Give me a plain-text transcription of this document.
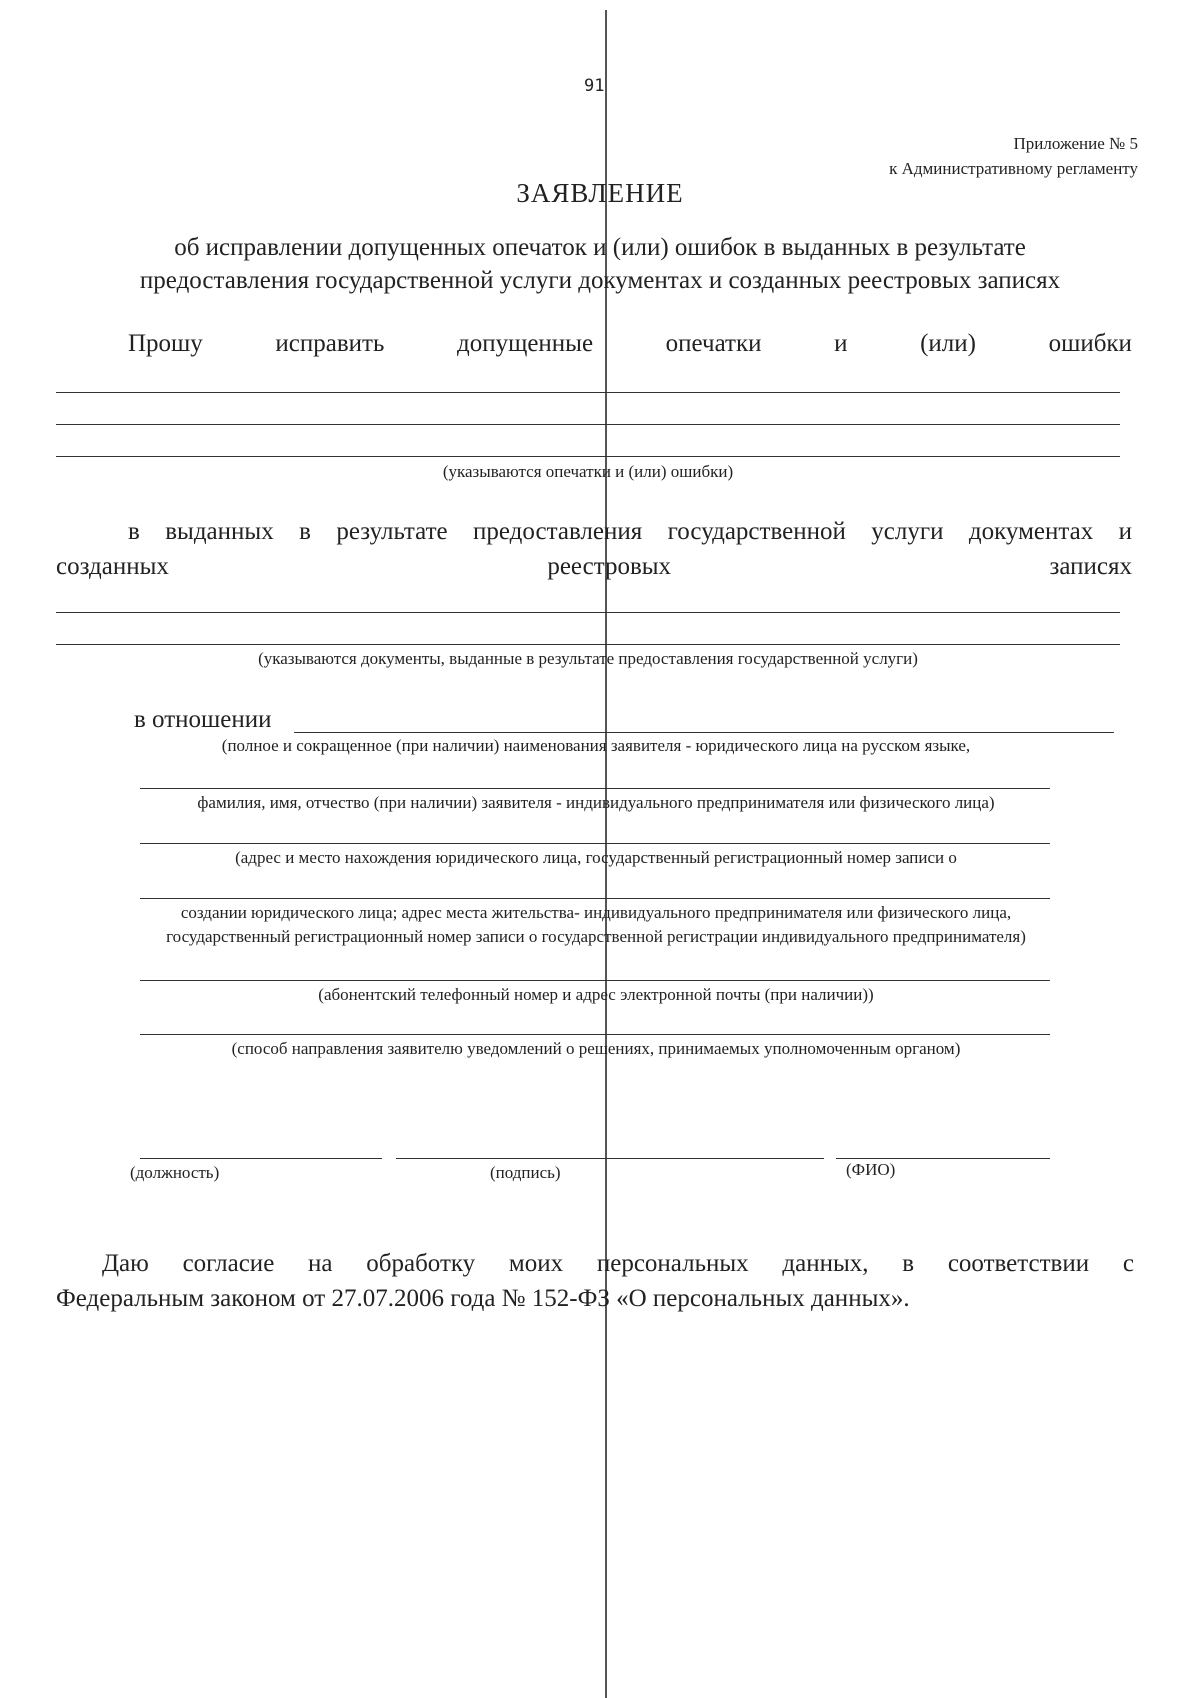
91
Приложение № 5
к Административному регламенту
ЗАЯВЛЕНИЕ
об исправлении допущенных опечаток и (или) ошибок в выданных в результате
предоставления государственной услуги документах и созданных реестровых записях
Прошу	исправить	допущенные	опечатки	и	(или)	ошибки
(указываются опечатки и (или) ошибки)
в выданных в результате предоставления государственной услуги документах и
созданных	реестровых	записях
(указываются документы, выданные в результате предоставления государственной услуги)
в отношении
(полное и сокращенное (при наличии) наименования заявителя - юридического лица на русском языке,
фамилия, имя, отчество (при наличии) заявителя - индивидуального предпринимателя или физического лица)
(адрес и место нахождения юридического лица, государственный регистрационный номер записи о
создании юридического лица; адрес места жительства- индивидуального предпринимателя или физического лица,
государственный регистрационный номер записи о государственной регистрации индивидуального предпринимателя)
(абонентский телефонный номер и адрес электронной почты (при наличии))
(способ направления заявителю уведомлений о решениях, принимаемых уполномоченным органом)
(должность)	(подпись)	(ФИО)
Даю согласие на обработку моих персональных данных, в соответствии с
Федеральным законом от 27.07.2006 года № 152-ФЗ «О персональных данных».
